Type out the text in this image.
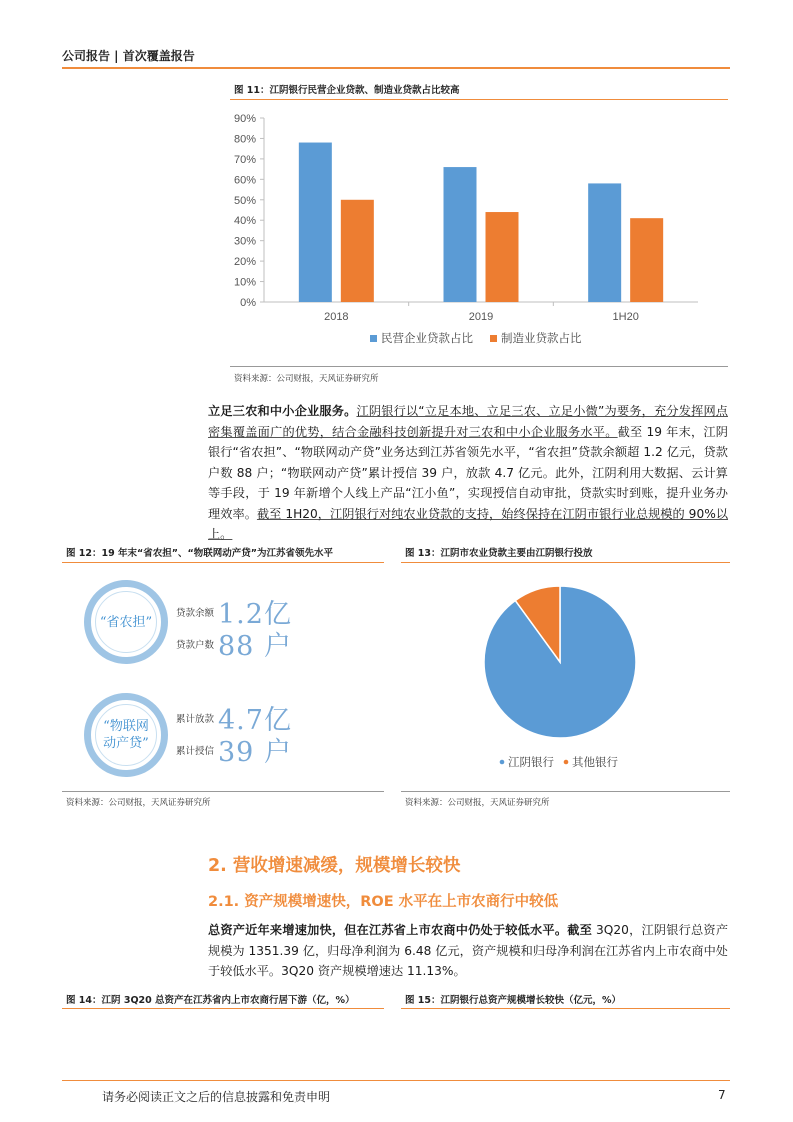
公司报告 | 首次覆盖报告
图 11：江阴银行民营企业贷款、制造业贷款占比较高
0%
10%
20%
30%
40%
50%
60%
70%
80%
90%
2018	2019	1H20
民营企业贷款占比 制造业贷款占比
资料来源：公司财报，天风证券研究所
立足三农和中小企业服务。江阴银行以“立足本地、立足三农、立足小微”为要务，充分发挥网点密集覆盖面广的优势，结合金融科技创新提升对三农和中小企业服务水平。截至 19 年末，江阴银行“省农担”、“物联网动产贷”业务达到江苏省领先水平，“省农担”贷款余额超 1.2 亿元，贷款户数 88 户；“物联网动产贷”累计授信 39 户，放款 4.7 亿元。此外，江阴利用大数据、云计算等手段，于 19 年新增个人线上产品“江小鱼”，实现授信自动审批，贷款实时到账，提升业务办理效率。截至 1H20，江阴银行对纯农业贷款的支持，始终保持在江阴市银行业总规模的 90%以上。
图 12：19 年末“省农担”、“物联网动产贷”为江苏省领先水平
“省农担”
贷款余额 1.2亿
贷款户数 88 户
“物联网
动产贷”
累计放款 4.7亿
累计授信 39 户
资料来源：公司财报，天风证券研究所
图 13：江阴市农业贷款主要由江阴银行投放
江阴银行 其他银行
资料来源：公司财报，天风证券研究所
2. 营收增速减缓，规模增长较快
2.1. 资产规模增速快，ROE 水平在上市农商行中较低
总资产近年来增速加快，但在江苏省上市农商中仍处于较低水平。截至 3Q20，江阴银行总资产规模为 1351.39 亿，归母净利润为 6.48 亿元，资产规模和归母净利润在江苏省内上市农商中处于较低水平。3Q20 资产规模增速达 11.13%。
图 14：江阴 3Q20 总资产在江苏省内上市农商行居下游（亿，%）	图 15：江阴银行总资产规模增长较快（亿元，%）
请务必阅读正文之后的信息披露和免责申明	7
